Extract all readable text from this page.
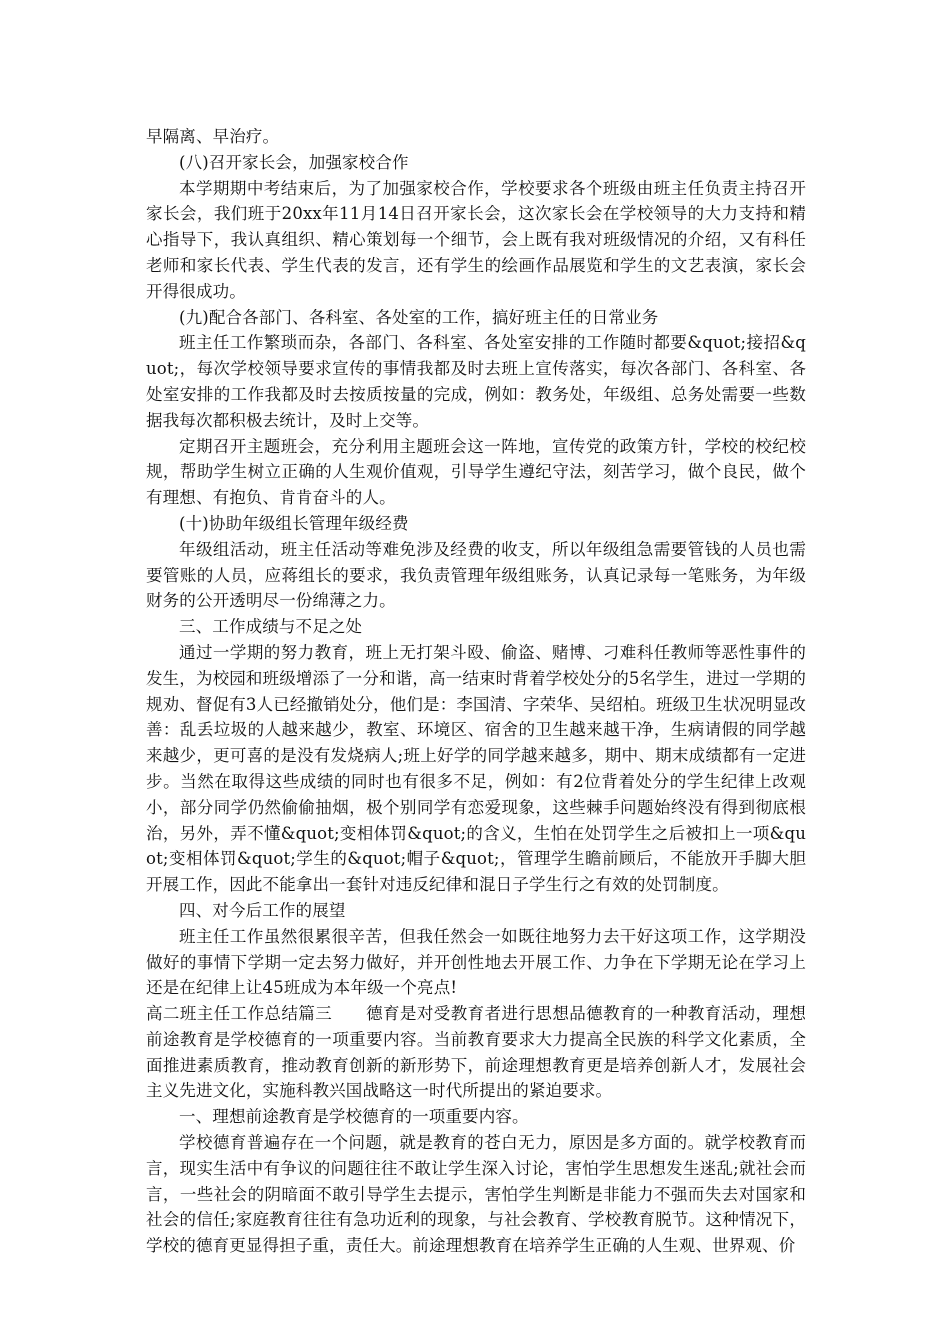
早隔离、早治疗。

(八)召开家长会，加强家校合作

本学期期中考结束后，为了加强家校合作，学校要求各个班级由班主任负责主持召开家长会，我们班于20xx年11月14日召开家长会，这次家长会在学校领导的大力支持和精心指导下，我认真组织、精心策划每一个细节，会上既有我对班级情况的介绍，又有科任老师和家长代表、学生代表的发言，还有学生的绘画作品展览和学生的文艺表演，家长会开得很成功。

(九)配合各部门、各科室、各处室的工作，搞好班主任的日常业务

班主任工作繁琐而杂，各部门、各科室、各处室安排的工作随时都要&quot;接招&quot;，每次学校领导要求宣传的事情我都及时去班上宣传落实，每次各部门、各科室、各处室安排的工作我都及时去按质按量的完成，例如：教务处，年级组、总务处需要一些数据我每次都积极去统计，及时上交等。

定期召开主题班会，充分利用主题班会这一阵地，宣传党的政策方针，学校的校纪校规，帮助学生树立正确的人生观价值观，引导学生遵纪守法，刻苦学习，做个良民，做个有理想、有抱负、肯肯奋斗的人。

(十)协助年级组长管理年级经费

年级组活动，班主任活动等难免涉及经费的收支，所以年级组急需要管钱的人员也需要管账的人员，应蒋组长的要求，我负责管理年级组账务，认真记录每一笔账务，为年级财务的公开透明尽一份绵薄之力。

三、工作成绩与不足之处

通过一学期的努力教育，班上无打架斗殴、偷盗、赌博、刁难科任教师等恶性事件的发生，为校园和班级增添了一分和谐，高一结束时背着学校处分的5名学生，进过一学期的规劝、督促有3人已经撤销处分，他们是：李国清、字荣华、吴绍柏。班级卫生状况明显改善：乱丢垃圾的人越来越少，教室、环境区、宿舍的卫生越来越干净，生病请假的同学越来越少，更可喜的是没有发烧病人;班上好学的同学越来越多，期中、期末成绩都有一定进步。当然在取得这些成绩的同时也有很多不足，例如：有2位背着处分的学生纪律上改观小，部分同学仍然偷偷抽烟，极个别同学有恋爱现象，这些棘手问题始终没有得到彻底根治，另外，弄不懂&quot;变相体罚&quot;的含义，生怕在处罚学生之后被扣上一项&quot;变相体罚&quot;学生的&quot;帽子&quot;，管理学生瞻前顾后，不能放开手脚大胆开展工作，因此不能拿出一套针对违反纪律和混日子学生行之有效的处罚制度。

四、对今后工作的展望

班主任工作虽然很累很辛苦，但我任然会一如既往地努力去干好这项工作，这学期没做好的事情下学期一定去努力做好，并开创性地去开展工作、力争在下学期无论在学习上还是在纪律上让45班成为本年级一个亮点!

高二班主任工作总结篇三　　德育是对受教育者进行思想品德教育的一种教育活动，理想前途教育是学校德育的一项重要内容。当前教育要求大力提高全民族的科学文化素质，全面推进素质教育，推动教育创新的新形势下，前途理想教育更是培养创新人才，发展社会主义先进文化，实施科教兴国战略这一时代所提出的紧迫要求。

一、理想前途教育是学校德育的一项重要内容。

学校德育普遍存在一个问题，就是教育的苍白无力，原因是多方面的。就学校教育而言，现实生活中有争议的问题往往不敢让学生深入讨论，害怕学生思想发生迷乱;就社会而言，一些社会的阴暗面不敢引导学生去提示，害怕学生判断是非能力不强而失去对国家和社会的信任;家庭教育往往有急功近利的现象，与社会教育、学校教育脱节。这种情况下，学校的德育更显得担子重，责任大。前途理想教育在培养学生正确的人生观、世界观、价
